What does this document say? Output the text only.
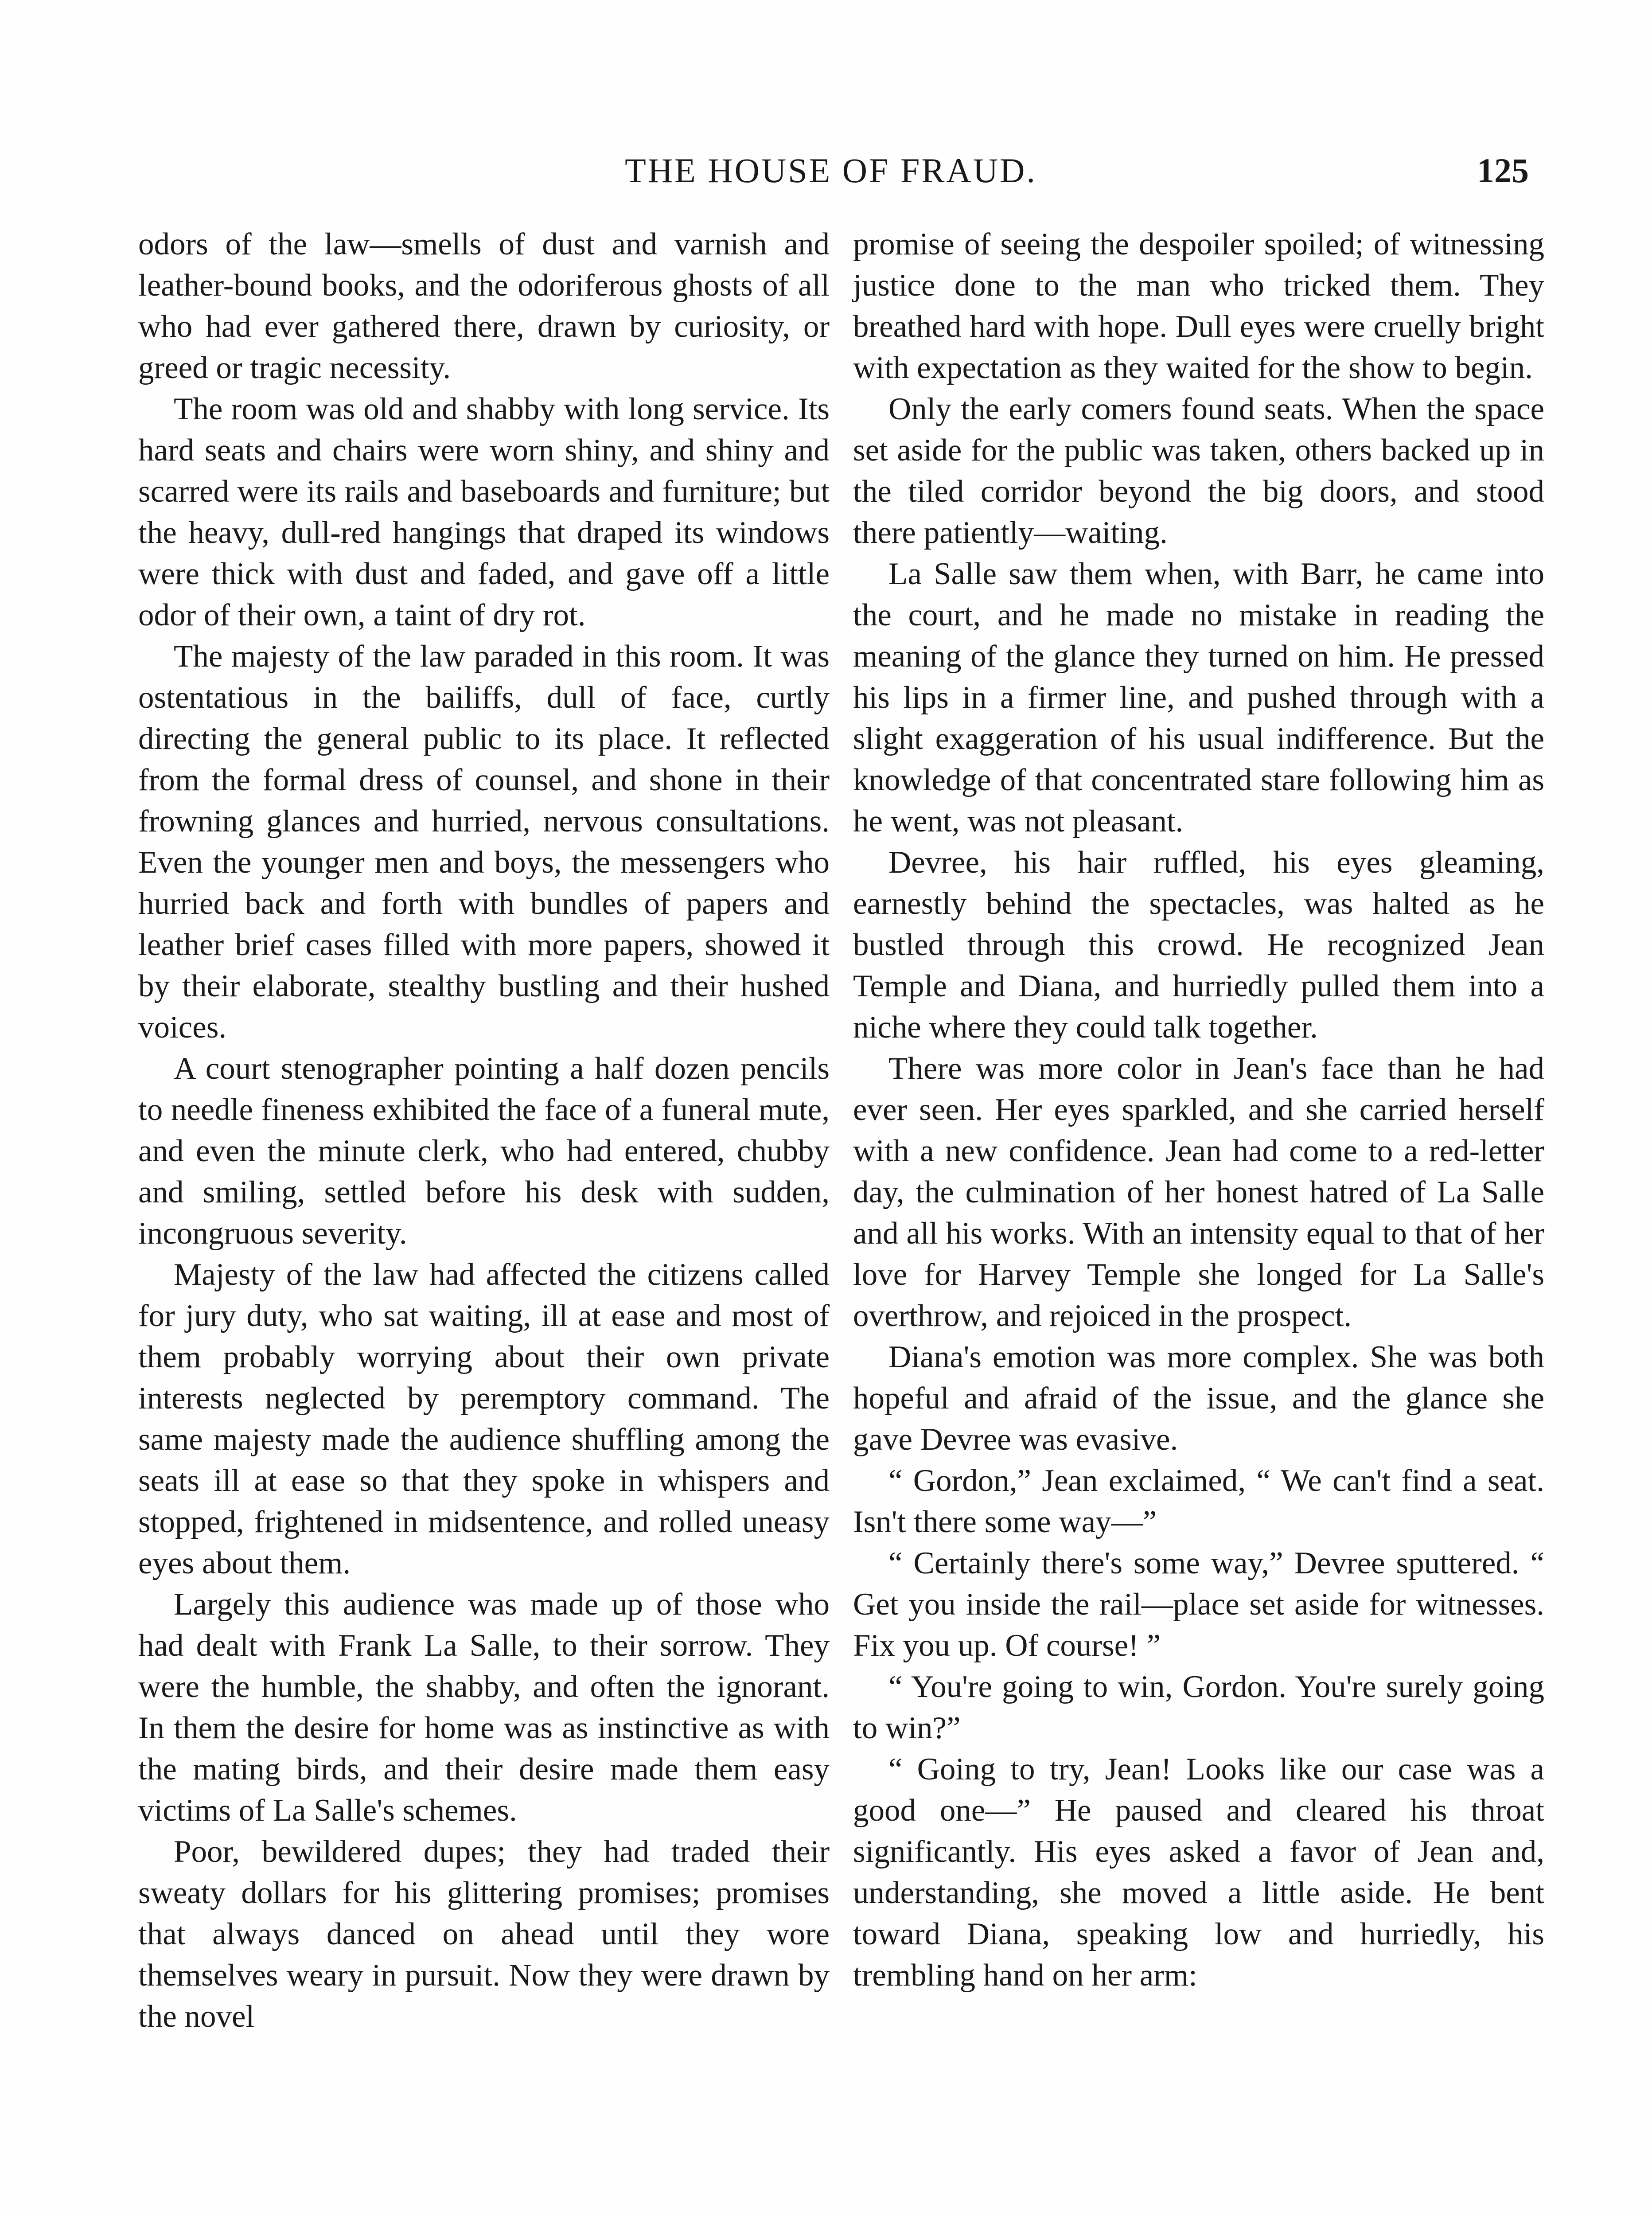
THE HOUSE OF FRAUD.	125

odors of the law—smells of dust and varnish and leather-bound books, and the odoriferous ghosts of all who had ever gathered there, drawn by curiosity, or greed or tragic necessity.

The room was old and shabby with long service. Its hard seats and chairs were worn shiny, and shiny and scarred were its rails and baseboards and furniture; but the heavy, dull-red hangings that draped its windows were thick with dust and faded, and gave off a little odor of their own, a taint of dry rot.

The majesty of the law paraded in this room. It was ostentatious in the bailiffs, dull of face, curtly directing the general public to its place. It reflected from the formal dress of counsel, and shone in their frowning glances and hurried, nervous consultations. Even the younger men and boys, the messengers who hurried back and forth with bundles of papers and leather brief cases filled with more papers, showed it by their elaborate, stealthy bustling and their hushed voices.

A court stenographer pointing a half dozen pencils to needle fineness exhibited the face of a funeral mute, and even the minute clerk, who had entered, chubby and smiling, settled before his desk with sudden, incongruous severity.

Majesty of the law had affected the citizens called for jury duty, who sat waiting, ill at ease and most of them probably worrying about their own private interests neglected by peremptory command. The same majesty made the audience shuffling among the seats ill at ease so that they spoke in whispers and stopped, frightened in midsentence, and rolled uneasy eyes about them.

Largely this audience was made up of those who had dealt with Frank La Salle, to their sorrow. They were the humble, the shabby, and often the ignorant. In them the desire for home was as instinctive as with the mating birds, and their desire made them easy victims of La Salle's schemes.

Poor, bewildered dupes; they had traded their sweaty dollars for his glittering promises; promises that always danced on ahead until they wore themselves weary in pursuit. Now they were drawn by the novel

promise of seeing the despoiler spoiled; of witnessing justice done to the man who tricked them. They breathed hard with hope. Dull eyes were cruelly bright with expectation as they waited for the show to begin.

Only the early comers found seats. When the space set aside for the public was taken, others backed up in the tiled corridor beyond the big doors, and stood there patiently—waiting.

La Salle saw them when, with Barr, he came into the court, and he made no mistake in reading the meaning of the glance they turned on him. He pressed his lips in a firmer line, and pushed through with a slight exaggeration of his usual indifference. But the knowledge of that concentrated stare following him as he went, was not pleasant.

Devree, his hair ruffled, his eyes gleaming, earnestly behind the spectacles, was halted as he bustled through this crowd. He recognized Jean Temple and Diana, and hurriedly pulled them into a niche where they could talk together.

There was more color in Jean's face than he had ever seen. Her eyes sparkled, and she carried herself with a new confidence. Jean had come to a red-letter day, the culmination of her honest hatred of La Salle and all his works. With an intensity equal to that of her love for Harvey Temple she longed for La Salle's overthrow, and rejoiced in the prospect.

Diana's emotion was more complex. She was both hopeful and afraid of the issue, and the glance she gave Devree was evasive.

“ Gordon,” Jean exclaimed, “ We can't find a seat. Isn't there some way—”

“ Certainly there's some way,” Devree sputtered. “ Get you inside the rail—place set aside for witnesses. Fix you up. Of course! ”

“ You're going to win, Gordon. You're surely going to win?”

“ Going to try, Jean! Looks like our case was a good one—” He paused and cleared his throat significantly. His eyes asked a favor of Jean and, understanding, she moved a little aside. He bent toward Diana, speaking low and hurriedly, his trembling hand on her arm:
